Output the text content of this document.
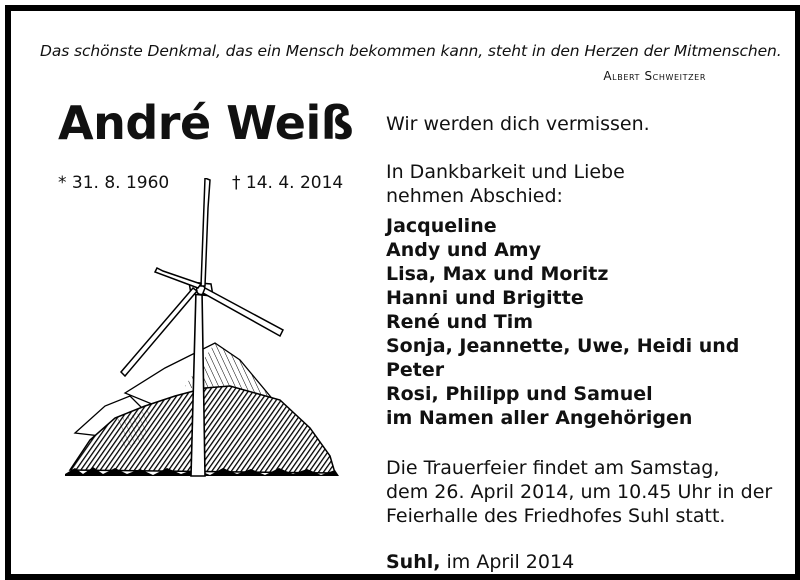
Das schönste Denkmal, das ein Mensch bekommen kann, steht in den Herzen der Mitmenschen.
Albert Schweitzer
André Weiß
* 31. 8. 1960	† 14. 4. 2014

Wir werden dich vermissen.

In Dankbarkeit und Liebe

nehmen Abschied:

Jacqueline
Andy und Amy
Lisa, Max und Moritz
Hanni und Brigitte
René und Tim
Sonja, Jeannette, Uwe, Heidi und Peter
Rosi, Philipp und Samuel
im Namen aller Angehörigen

Die Trauerfeier findet am Samstag,

dem 26. April 2014, um 10.45 Uhr in der

Feierhalle des Friedhofes Suhl statt.

Suhl, im April 2014
